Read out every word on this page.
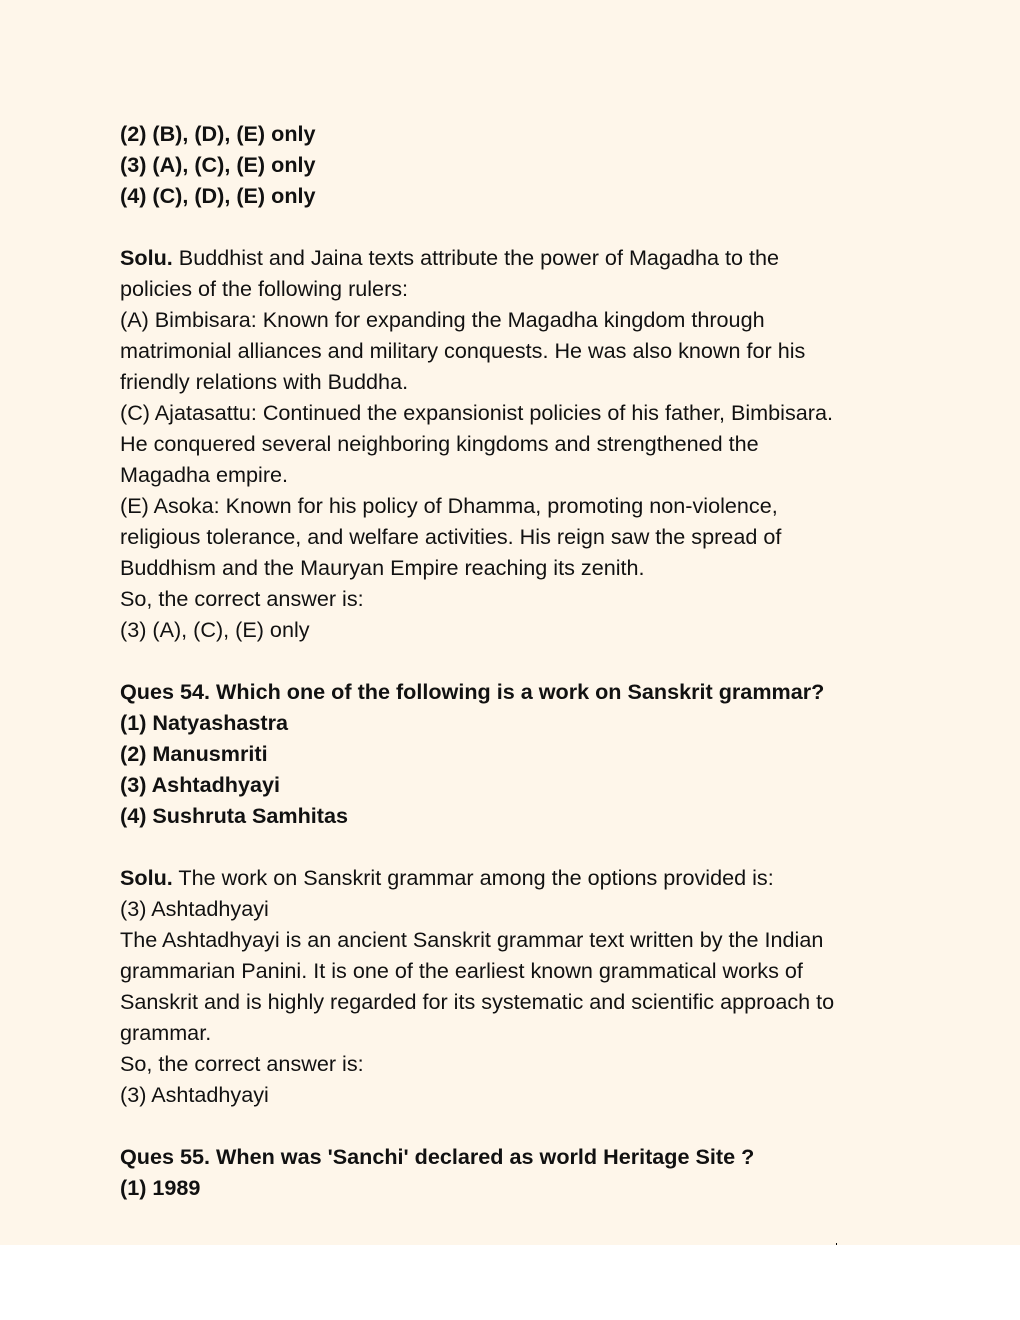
(2) (B), (D), (E) only
(3) (A), (C), (E) only
(4) (C), (D), (E) only
Solu. Buddhist and Jaina texts attribute the power of Magadha to the
policies of the following rulers:
(A) Bimbisara: Known for expanding the Magadha kingdom through
matrimonial alliances and military conquests. He was also known for his
friendly relations with Buddha.
(C) Ajatasattu: Continued the expansionist policies of his father, Bimbisara.
He conquered several neighboring kingdoms and strengthened the
Magadha empire.
(E) Asoka: Known for his policy of Dhamma, promoting non-violence,
religious tolerance, and welfare activities. His reign saw the spread of
Buddhism and the Mauryan Empire reaching its zenith.
So, the correct answer is:
(3) (A), (C), (E) only
Ques 54. Which one of the following is a work on Sanskrit grammar?
(1) Natyashastra
(2) Manusmriti
(3) Ashtadhyayi
(4) Sushruta Samhitas
Solu. The work on Sanskrit grammar among the options provided is:
(3) Ashtadhyayi
The Ashtadhyayi is an ancient Sanskrit grammar text written by the Indian
grammarian Panini. It is one of the earliest known grammatical works of
Sanskrit and is highly regarded for its systematic and scientific approach to
grammar.
So, the correct answer is:
(3) Ashtadhyayi
Ques 55. When was 'Sanchi' declared as world Heritage Site ?
(1) 1989
